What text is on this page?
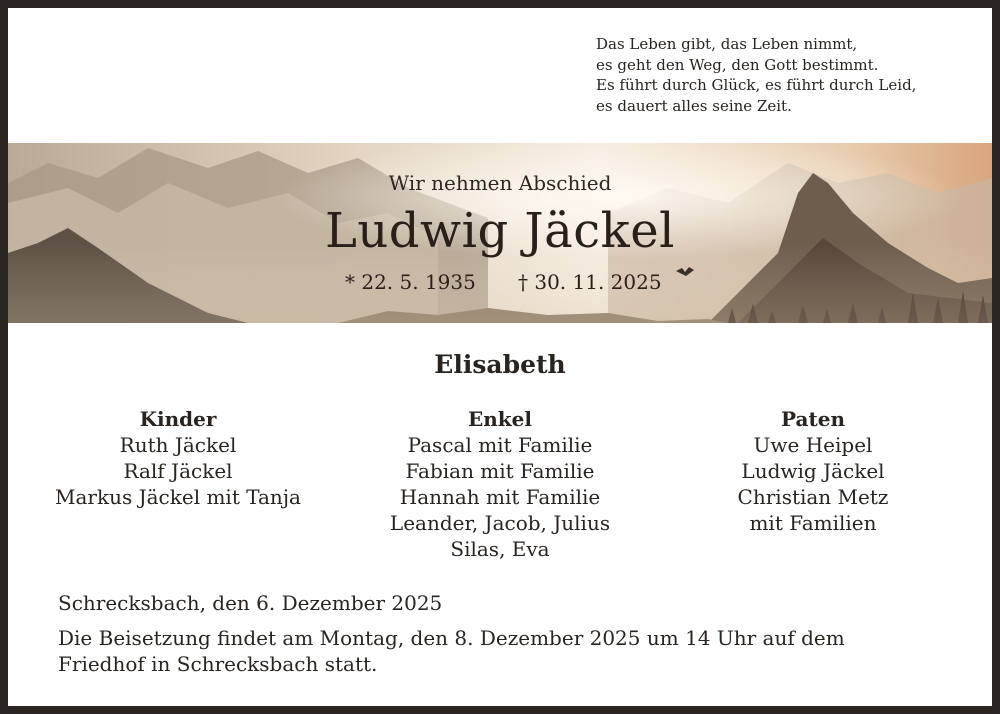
Das Leben gibt, das Leben nimmt,
es geht den Weg, den Gott bestimmt.
Es führt durch Glück, es führt durch Leid,
es dauert alles seine Zeit.
Wir nehmen Abschied
Ludwig Jäckel
* 22. 5. 1935 † 30. 11. 2025
Elisabeth
Kinder
Ruth Jäckel
Ralf Jäckel
Markus Jäckel mit Tanja
Enkel
Pascal mit Familie
Fabian mit Familie
Hannah mit Familie
Leander, Jacob, Julius
Silas, Eva
Paten
Uwe Heipel
Ludwig Jäckel
Christian Metz
mit Familien
Schrecksbach, den 6. Dezember 2025
Die Beisetzung findet am Montag, den 8. Dezember 2025 um 14 Uhr auf dem
Friedhof in Schrecksbach statt.
